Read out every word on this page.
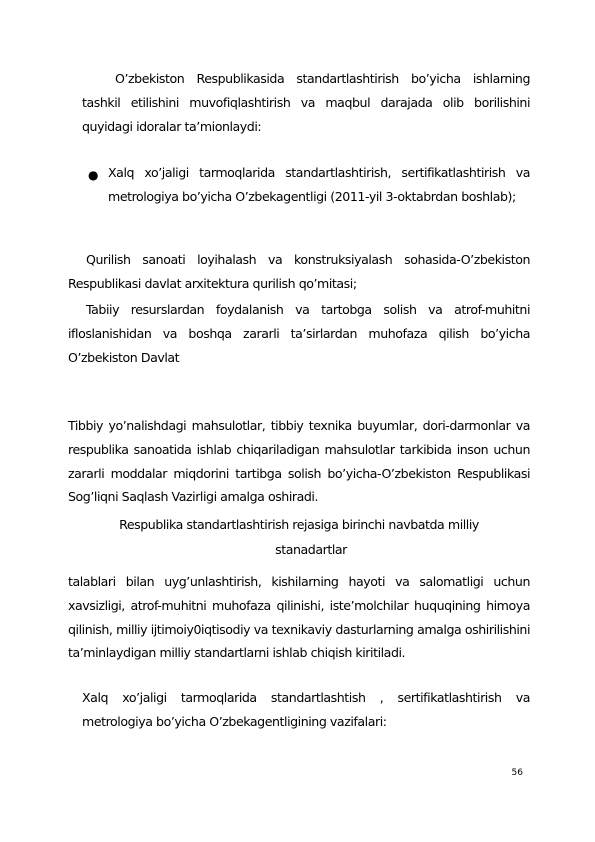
O’zbekiston Respublikasida standartlashtirish bo’yicha ishlarning tashkil etilishini muvofiqlashtirish va maqbul darajada olib borilishini quyidagi idoralar ta’mionlaydi:

● Xalq xo’jaligi tarmoqlarida standartlashtirish, sertifikatlashtirish va metrologiya bo’yicha O’zbekagentligi (2011-yil 3-oktabrdan boshlab);

Qurilish sanoati loyihalash va konstruksiyalash sohasida-O’zbekiston Respublikasi davlat arxitektura qurilish qo’mitasi;

Tabiiy resurslardan foydalanish va tartobga solish va atrof-muhitni ifloslanishidan va boshqa zararli ta’sirlardan muhofaza qilish bo’yicha O’zbekiston Davlat

Tibbiy yo’nalishdagi mahsulotlar, tibbiy texnika buyumlar, dori-darmonlar va respublika sanoatida ishlab chiqariladigan mahsulotlar tarkibida inson uchun zararli moddalar miqdorini tartibga solish bo’yicha-O’zbekiston Respublikasi Sog’liqni Saqlash Vazirligi amalga oshiradi.

Respublika standartlashtirish rejasiga birinchi navbatda milliy

stanadartlar

talablari bilan uyg’unlashtirish, kishilarning hayoti va salomatligi uchun xavsizligi, atrof-muhitni muhofaza qilinishi, iste’molchilar huquqining himoya qilinish, milliy ijtimoiy0iqtisodiy va texnikaviy dasturlarning amalga oshirilishini ta’minlaydigan milliy standartlarni ishlab chiqish kiritiladi.

Xalq xo’jaligi tarmoqlarida standartlashtish , sertifikatlashtirish va metrologiya bo’yicha O’zbekagentligining vazifalari:

56
